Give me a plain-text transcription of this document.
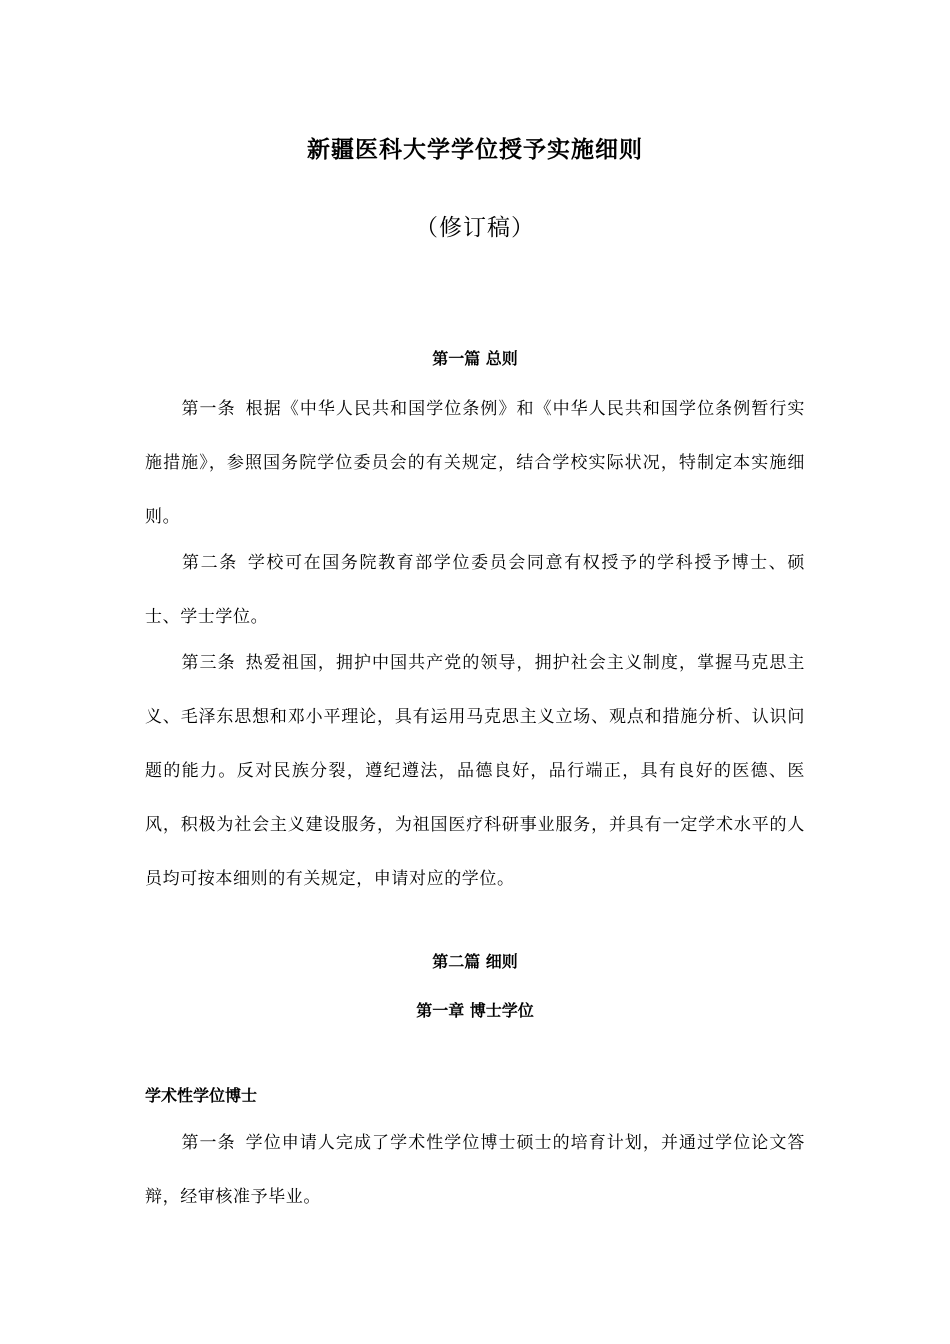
新疆医科大学学位授予实施细则
（修订稿）
第一篇 总则
第一条 根据《中华人民共和国学位条例》和《中华人民共和国学位条例暂行实施措施》，参照国务院学位委员会的有关规定，结合学校实际状况，特制定本实施细则。
第二条 学校可在国务院教育部学位委员会同意有权授予的学科授予博士、硕士、学士学位。
第三条 热爱祖国，拥护中国共产党的领导，拥护社会主义制度，掌握马克思主义、毛泽东思想和邓小平理论，具有运用马克思主义立场、观点和措施分析、认识问题的能力。反对民族分裂，遵纪遵法，品德良好，品行端正，具有良好的医德、医风，积极为社会主义建设服务，为祖国医疗科研事业服务，并具有一定学术水平的人员均可按本细则的有关规定，申请对应的学位。
第二篇 细则
第一章 博士学位
学术性学位博士
第一条 学位申请人完成了学术性学位博士硕士的培育计划，并通过学位论文答辩，经审核准予毕业。
